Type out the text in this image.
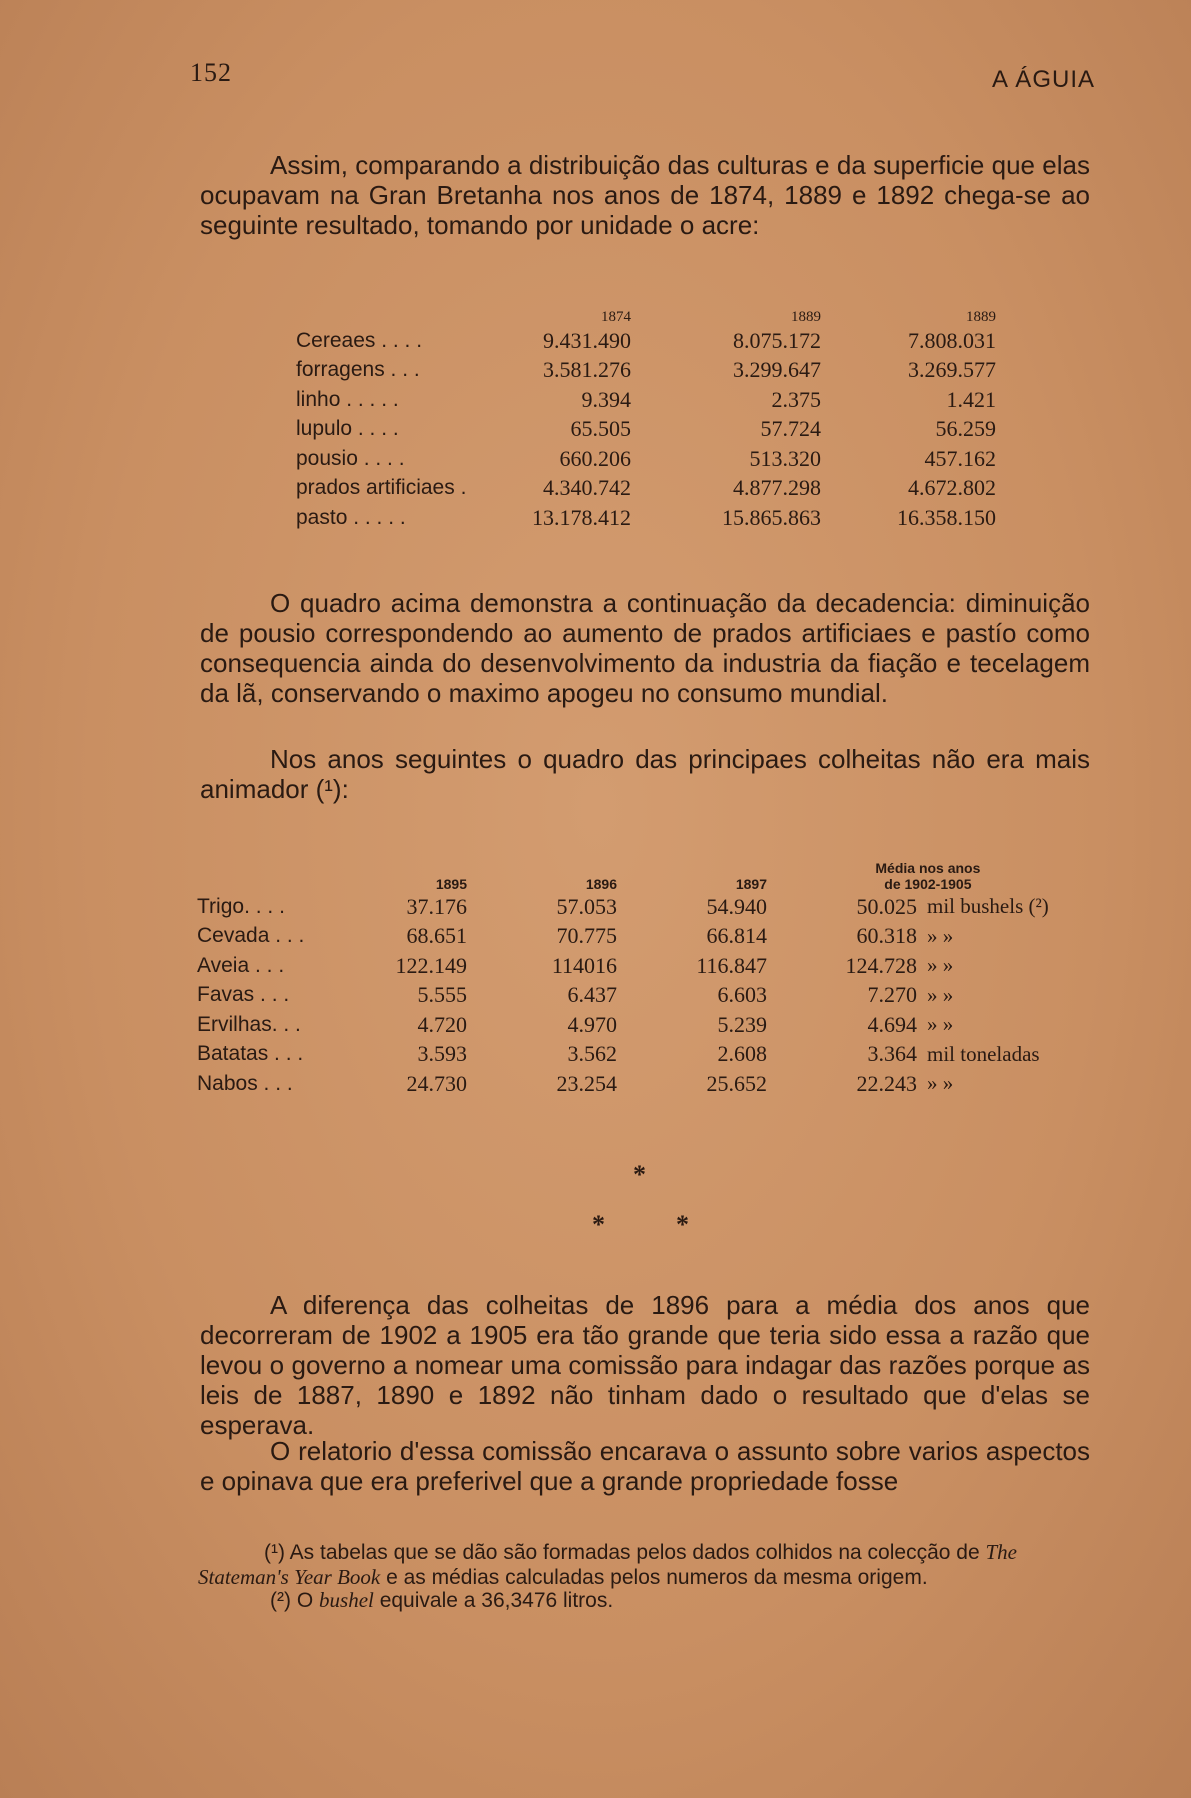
152	A ÁGUIA

Assim, comparando a distribuição das culturas e da superficie que elas ocupavam na Gran Bretanha nos anos de 1874, 1889 e 1892 chega-se ao seguinte resultado, tomando por unidade o acre:

	1874	1889	1889
Cereaes . . . .	9.431.490	8.075.172	7.808.031
forragens . . .	3.581.276	3.299.647	3.269.577
linho . . . . .	9.394	2.375	1.421
lupulo . . . .	65.505	57.724	56.259
pousio . . . .	660.206	513.320	457.162
prados artificiaes .	4.340.742	4.877.298	4.672.802
pasto . . . . .	13.178.412	15.865.863	16.358.150

O quadro acima demonstra a continuação da decadencia: diminuição de pousio correspondendo ao aumento de prados artificiaes e pastío como consequencia ainda do desenvolvimento da industria da fiação e tecelagem da lã, conservando o maximo apogeu no consumo mundial.

Nos anos seguintes o quadro das principaes colheitas não era mais animador (¹):

	1895	1896	1897	Média nos anos
de 1902-1905	
Trigo. . . .	37.176	57.053	54.940	50.025	mil bushels (²)
Cevada . . .	68.651	70.775	66.814	60.318	» »
Aveia . . .	122.149	114016	116.847	124.728	» »
Favas . . .	5.555	6.437	6.603	7.270	» »
Ervilhas. . .	4.720	4.970	5.239	4.694	» »
Batatas . . .	3.593	3.562	2.608	3.364	mil toneladas
Nabos . . .	24.730	23.254	25.652	22.243	» »
*
*	*

A diferença das colheitas de 1896 para a média dos anos que decorreram de 1902 a 1905 era tão grande que teria sido essa a razão que levou o governo a nomear uma comissão para indagar das razões porque as leis de 1887, 1890 e 1892 não tinham dado o resultado que d'elas se esperava.

O relatorio d'essa comissão encarava o assunto sobre varios aspectos e opinava que era preferivel que a grande propriedade fosse

(¹) As tabelas que se dão são formadas pelos dados colhidos na colecção de The Stateman's Year Book e as médias calculadas pelos numeros da mesma origem.
(²) O bushel equivale a 36,3476 litros.
